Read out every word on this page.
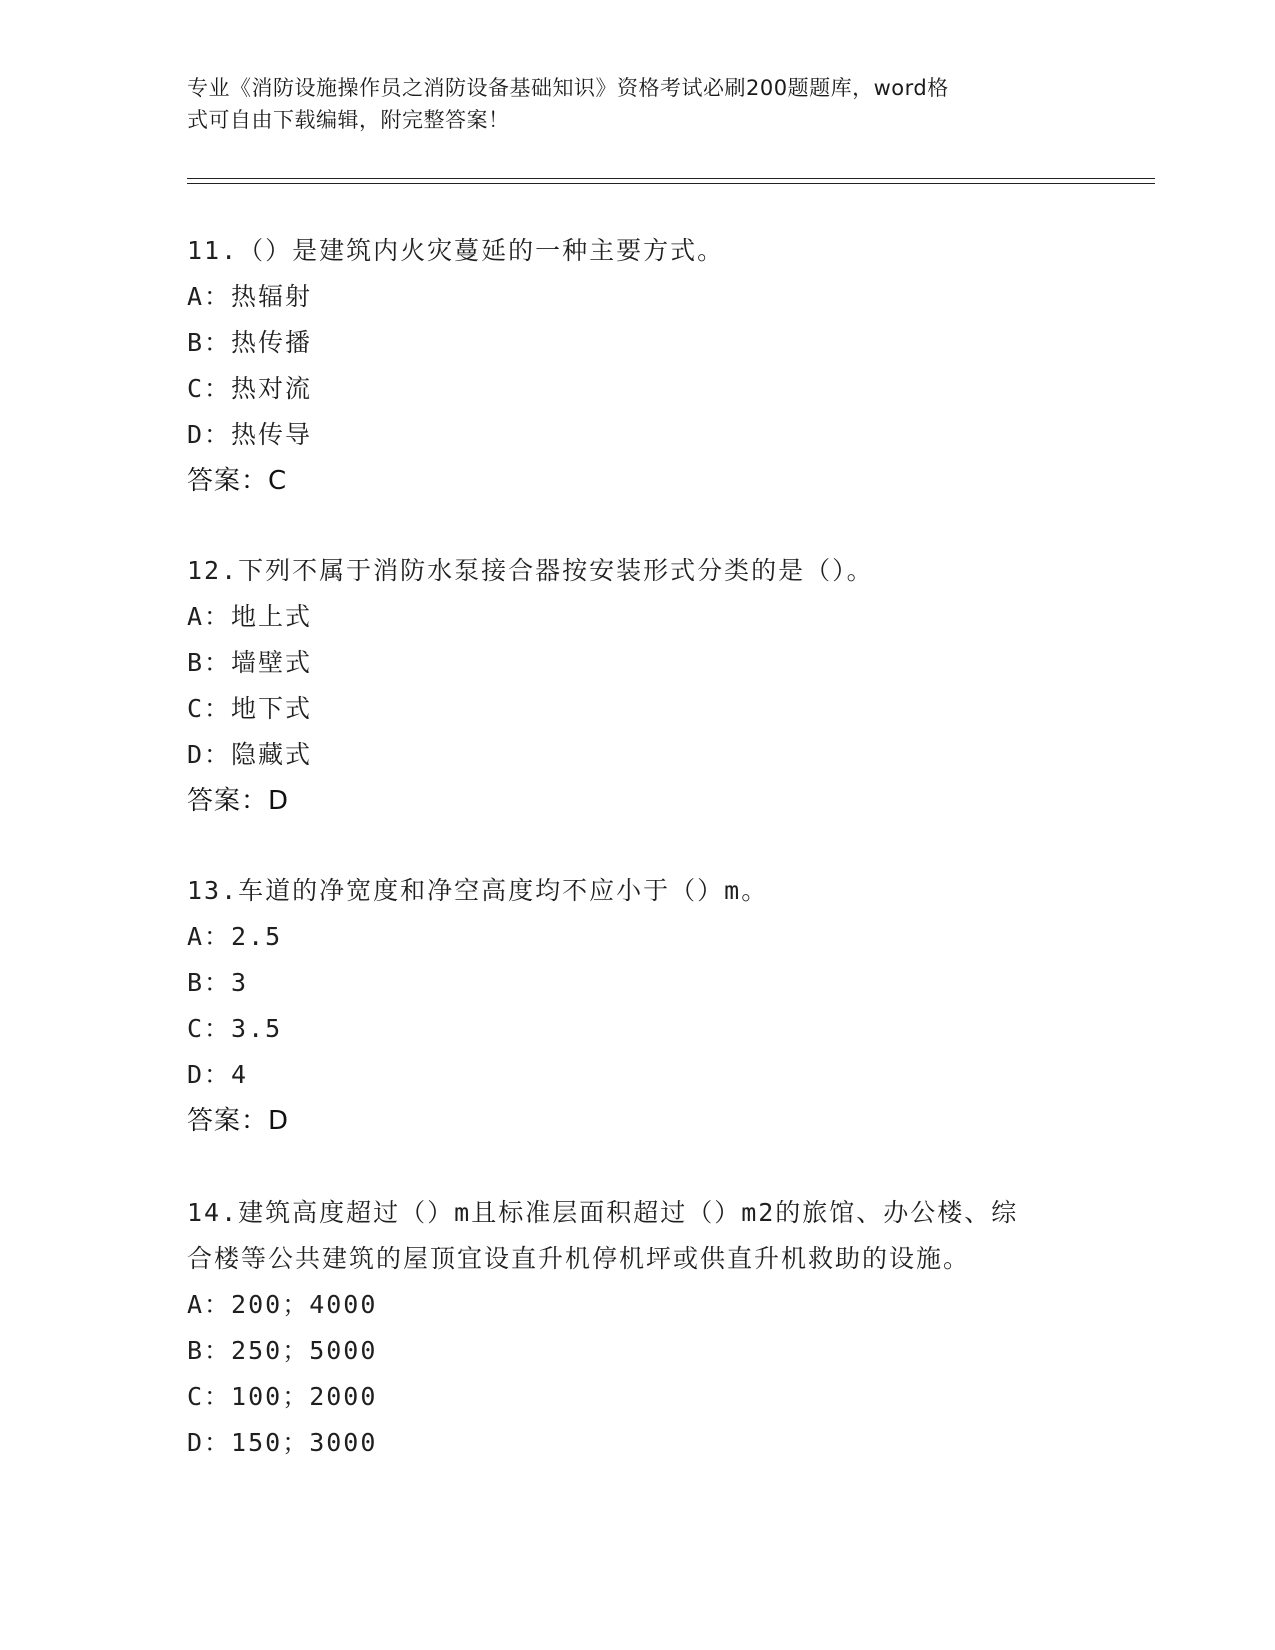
专业《消防设施操作员之消防设备基础知识》资格考试必刷200题题库，word格
式可自由下载编辑，附完整答案！
11.（）是建筑内火灾蔓延的一种主要方式。
A：热辐射
B：热传播
C：热对流
D：热传导
答案：C
12.下列不属于消防水泵接合器按安装形式分类的是（）。
A：地上式
B：墙壁式
C：地下式
D：隐藏式
答案：D
13.车道的净宽度和净空高度均不应小于（）m。
A：2.5
B：3
C：3.5
D：4
答案：D
14.建筑高度超过（）m且标准层面积超过（）m2的旅馆、办公楼、综
合楼等公共建筑的屋顶宜设直升机停机坪或供直升机救助的设施。
A：200；4000
B：250；5000
C：100；2000
D：150；3000
